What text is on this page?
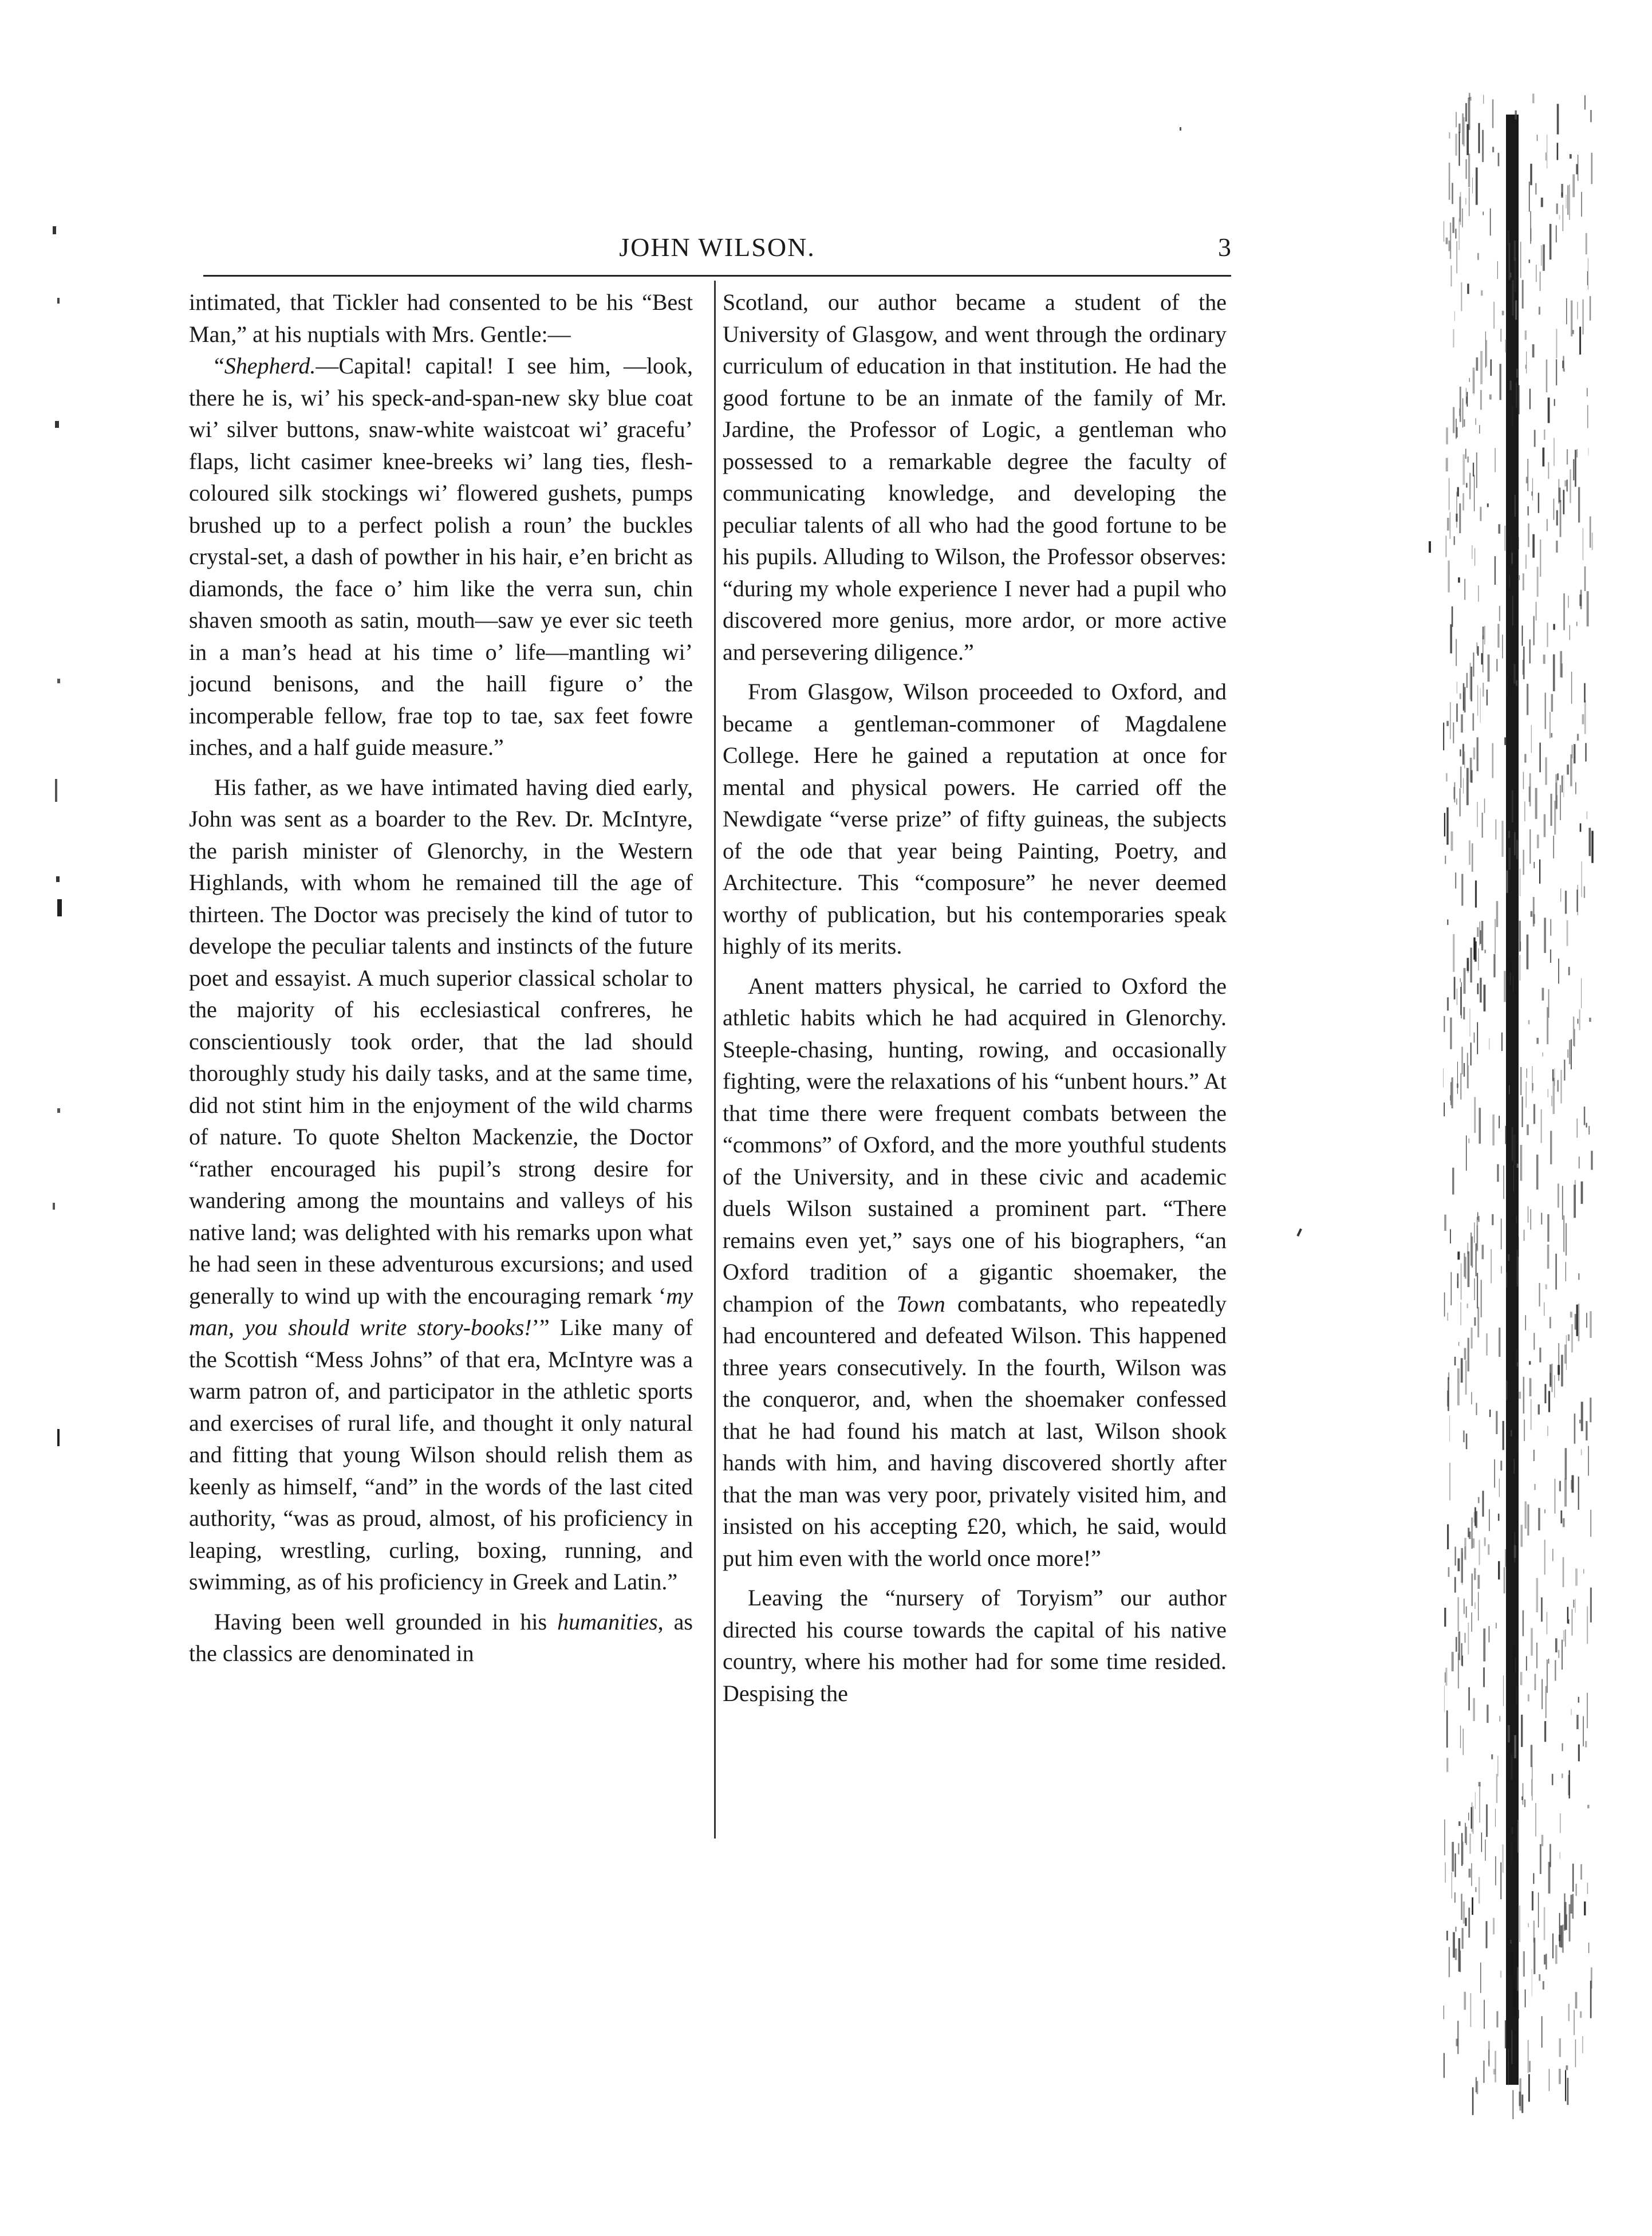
JOHN WILSON.	3

intimated, that Tickler had consented to be his “Best Man,” at his nuptials with Mrs. Gentle:—

“Shepherd.—Capital! capital! I see him, —look, there he is, wi’ his speck-and-span-new sky blue coat wi’ silver buttons, snaw-white waistcoat wi’ gracefu’ flaps, licht casimer knee-breeks wi’ lang ties, flesh-coloured silk stockings wi’ flowered gushets, pumps brushed up to a perfect polish a roun’ the buckles crystal-set, a dash of powther in his hair, e’en bricht as diamonds, the face o’ him like the verra sun, chin shaven smooth as satin, mouth—saw ye ever sic teeth in a man’s head at his time o’ life—mantling wi’ jocund benisons, and the haill figure o’ the incomperable fellow, frae top to tae, sax feet fowre inches, and a half guide measure.”

His father, as we have intimated having died early, John was sent as a boarder to the Rev. Dr. McIntyre, the parish minister of Glenorchy, in the Western Highlands, with whom he remained till the age of thirteen. The Doctor was precisely the kind of tutor to develope the peculiar talents and instincts of the future poet and essayist. A much superior classical scholar to the majority of his ecclesiastical confreres, he conscientiously took order, that the lad should thoroughly study his daily tasks, and at the same time, did not stint him in the enjoyment of the wild charms of nature. To quote Shelton Mackenzie, the Doctor “rather encouraged his pupil’s strong desire for wandering among the mountains and valleys of his native land; was delighted with his remarks upon what he had seen in these adventurous excursions; and used generally to wind up with the encouraging remark ‘my man, you should write story-books!’” Like many of the Scottish “Mess Johns” of that era, McIntyre was a warm patron of, and participator in the athletic sports and exercises of rural life, and thought it only natural and fitting that young Wilson should relish them as keenly as himself, “and” in the words of the last cited authority, “was as proud, almost, of his proficiency in leaping, wrestling, curling, boxing, running, and swimming, as of his proficiency in Greek and Latin.”

Having been well grounded in his humanities, as the classics are denominated in

Scotland, our author became a student of the University of Glasgow, and went through the ordinary curriculum of education in that institution. He had the good fortune to be an inmate of the family of Mr. Jardine, the Professor of Logic, a gentleman who possessed to a remarkable degree the faculty of communicating knowledge, and developing the peculiar talents of all who had the good fortune to be his pupils. Alluding to Wilson, the Professor observes: “during my whole experience I never had a pupil who discovered more genius, more ardor, or more active and persevering diligence.”

From Glasgow, Wilson proceeded to Oxford, and became a gentleman-commoner of Magdalene College. Here he gained a reputation at once for mental and physical powers. He carried off the Newdigate “verse prize” of fifty guineas, the subjects of the ode that year being Painting, Poetry, and Architecture. This “composure” he never deemed worthy of publication, but his contemporaries speak highly of its merits.

Anent matters physical, he carried to Oxford the athletic habits which he had acquired in Glenorchy. Steeple-chasing, hunting, rowing, and occasionally fighting, were the relaxations of his “unbent hours.” At that time there were frequent combats between the “commons” of Oxford, and the more youthful students of the University, and in these civic and academic duels Wilson sustained a prominent part. “There remains even yet,” says one of his biographers, “an Oxford tradition of a gigantic shoemaker, the champion of the Town combatants, who repeatedly had encountered and defeated Wilson. This happened three years consecutively. In the fourth, Wilson was the conqueror, and, when the shoemaker confessed that he had found his match at last, Wilson shook hands with him, and having discovered shortly after that the man was very poor, privately visited him, and insisted on his accepting £20, which, he said, would put him even with the world once more!”

Leaving the “nursery of Toryism” our author directed his course towards the capital of his native country, where his mother had for some time resided. Despising the
